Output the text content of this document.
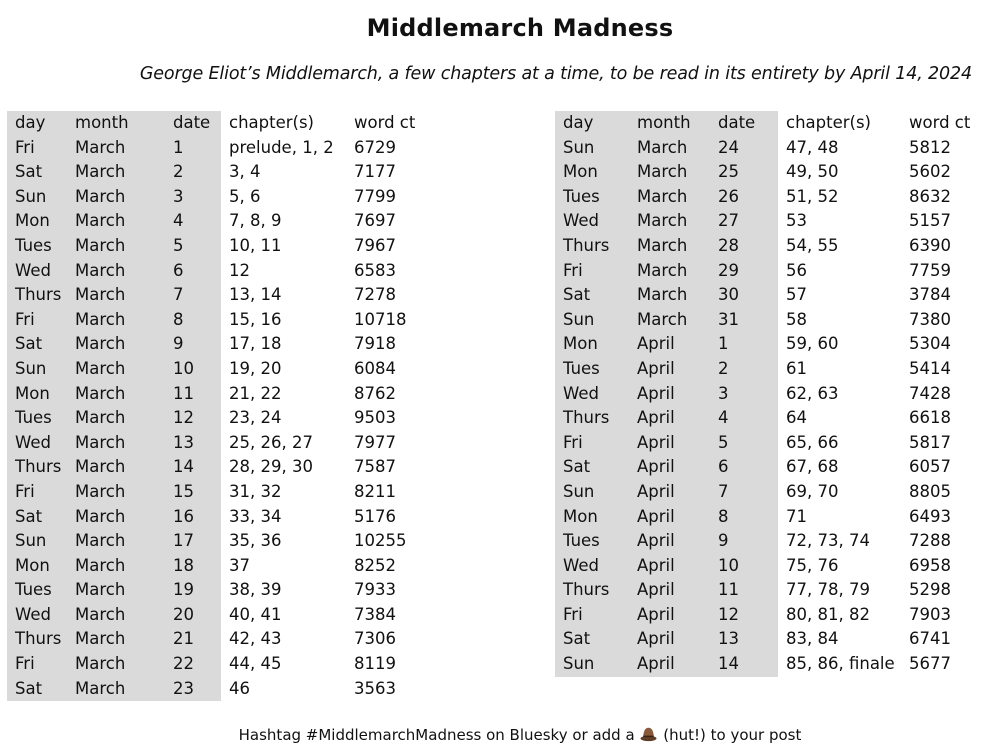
Middlemarch Madness
George Eliot’s Middlemarch, a few chapters at a time, to be read in its entirety by April 14, 2024
day	month	date	chapter(s)	word ct
Fri	March	1	prelude, 1, 2	6729
Sat	March	2	3, 4	7177
Sun	March	3	5, 6	7799
Mon	March	4	7, 8, 9	7697
Tues	March	5	10, 11	7967
Wed	March	6	12	6583
Thurs	March	7	13, 14	7278
Fri	March	8	15, 16	10718
Sat	March	9	17, 18	7918
Sun	March	10	19, 20	6084
Mon	March	11	21, 22	8762
Tues	March	12	23, 24	9503
Wed	March	13	25, 26, 27	7977
Thurs	March	14	28, 29, 30	7587
Fri	March	15	31, 32	8211
Sat	March	16	33, 34	5176
Sun	March	17	35, 36	10255
Mon	March	18	37	8252
Tues	March	19	38, 39	7933
Wed	March	20	40, 41	7384
Thurs	March	21	42, 43	7306
Fri	March	22	44, 45	8119
Sat	March	23	46	3563
day	month	date	chapter(s)	word ct
Sun	March	24	47, 48	5812
Mon	March	25	49, 50	5602
Tues	March	26	51, 52	8632
Wed	March	27	53	5157
Thurs	March	28	54, 55	6390
Fri	March	29	56	7759
Sat	March	30	57	3784
Sun	March	31	58	7380
Mon	April	1	59, 60	5304
Tues	April	2	61	5414
Wed	April	3	62, 63	7428
Thurs	April	4	64	6618
Fri	April	5	65, 66	5817
Sat	April	6	67, 68	6057
Sun	April	7	69, 70	8805
Mon	April	8	71	6493
Tues	April	9	72, 73, 74	7288
Wed	April	10	75, 76	6958
Thurs	April	11	77, 78, 79	5298
Fri	April	12	80, 81, 82	7903
Sat	April	13	83, 84	6741
Sun	April	14	85, 86, finale	5677
Hashtag #MiddlemarchMadness on Bluesky or add a (hut!) to your post
